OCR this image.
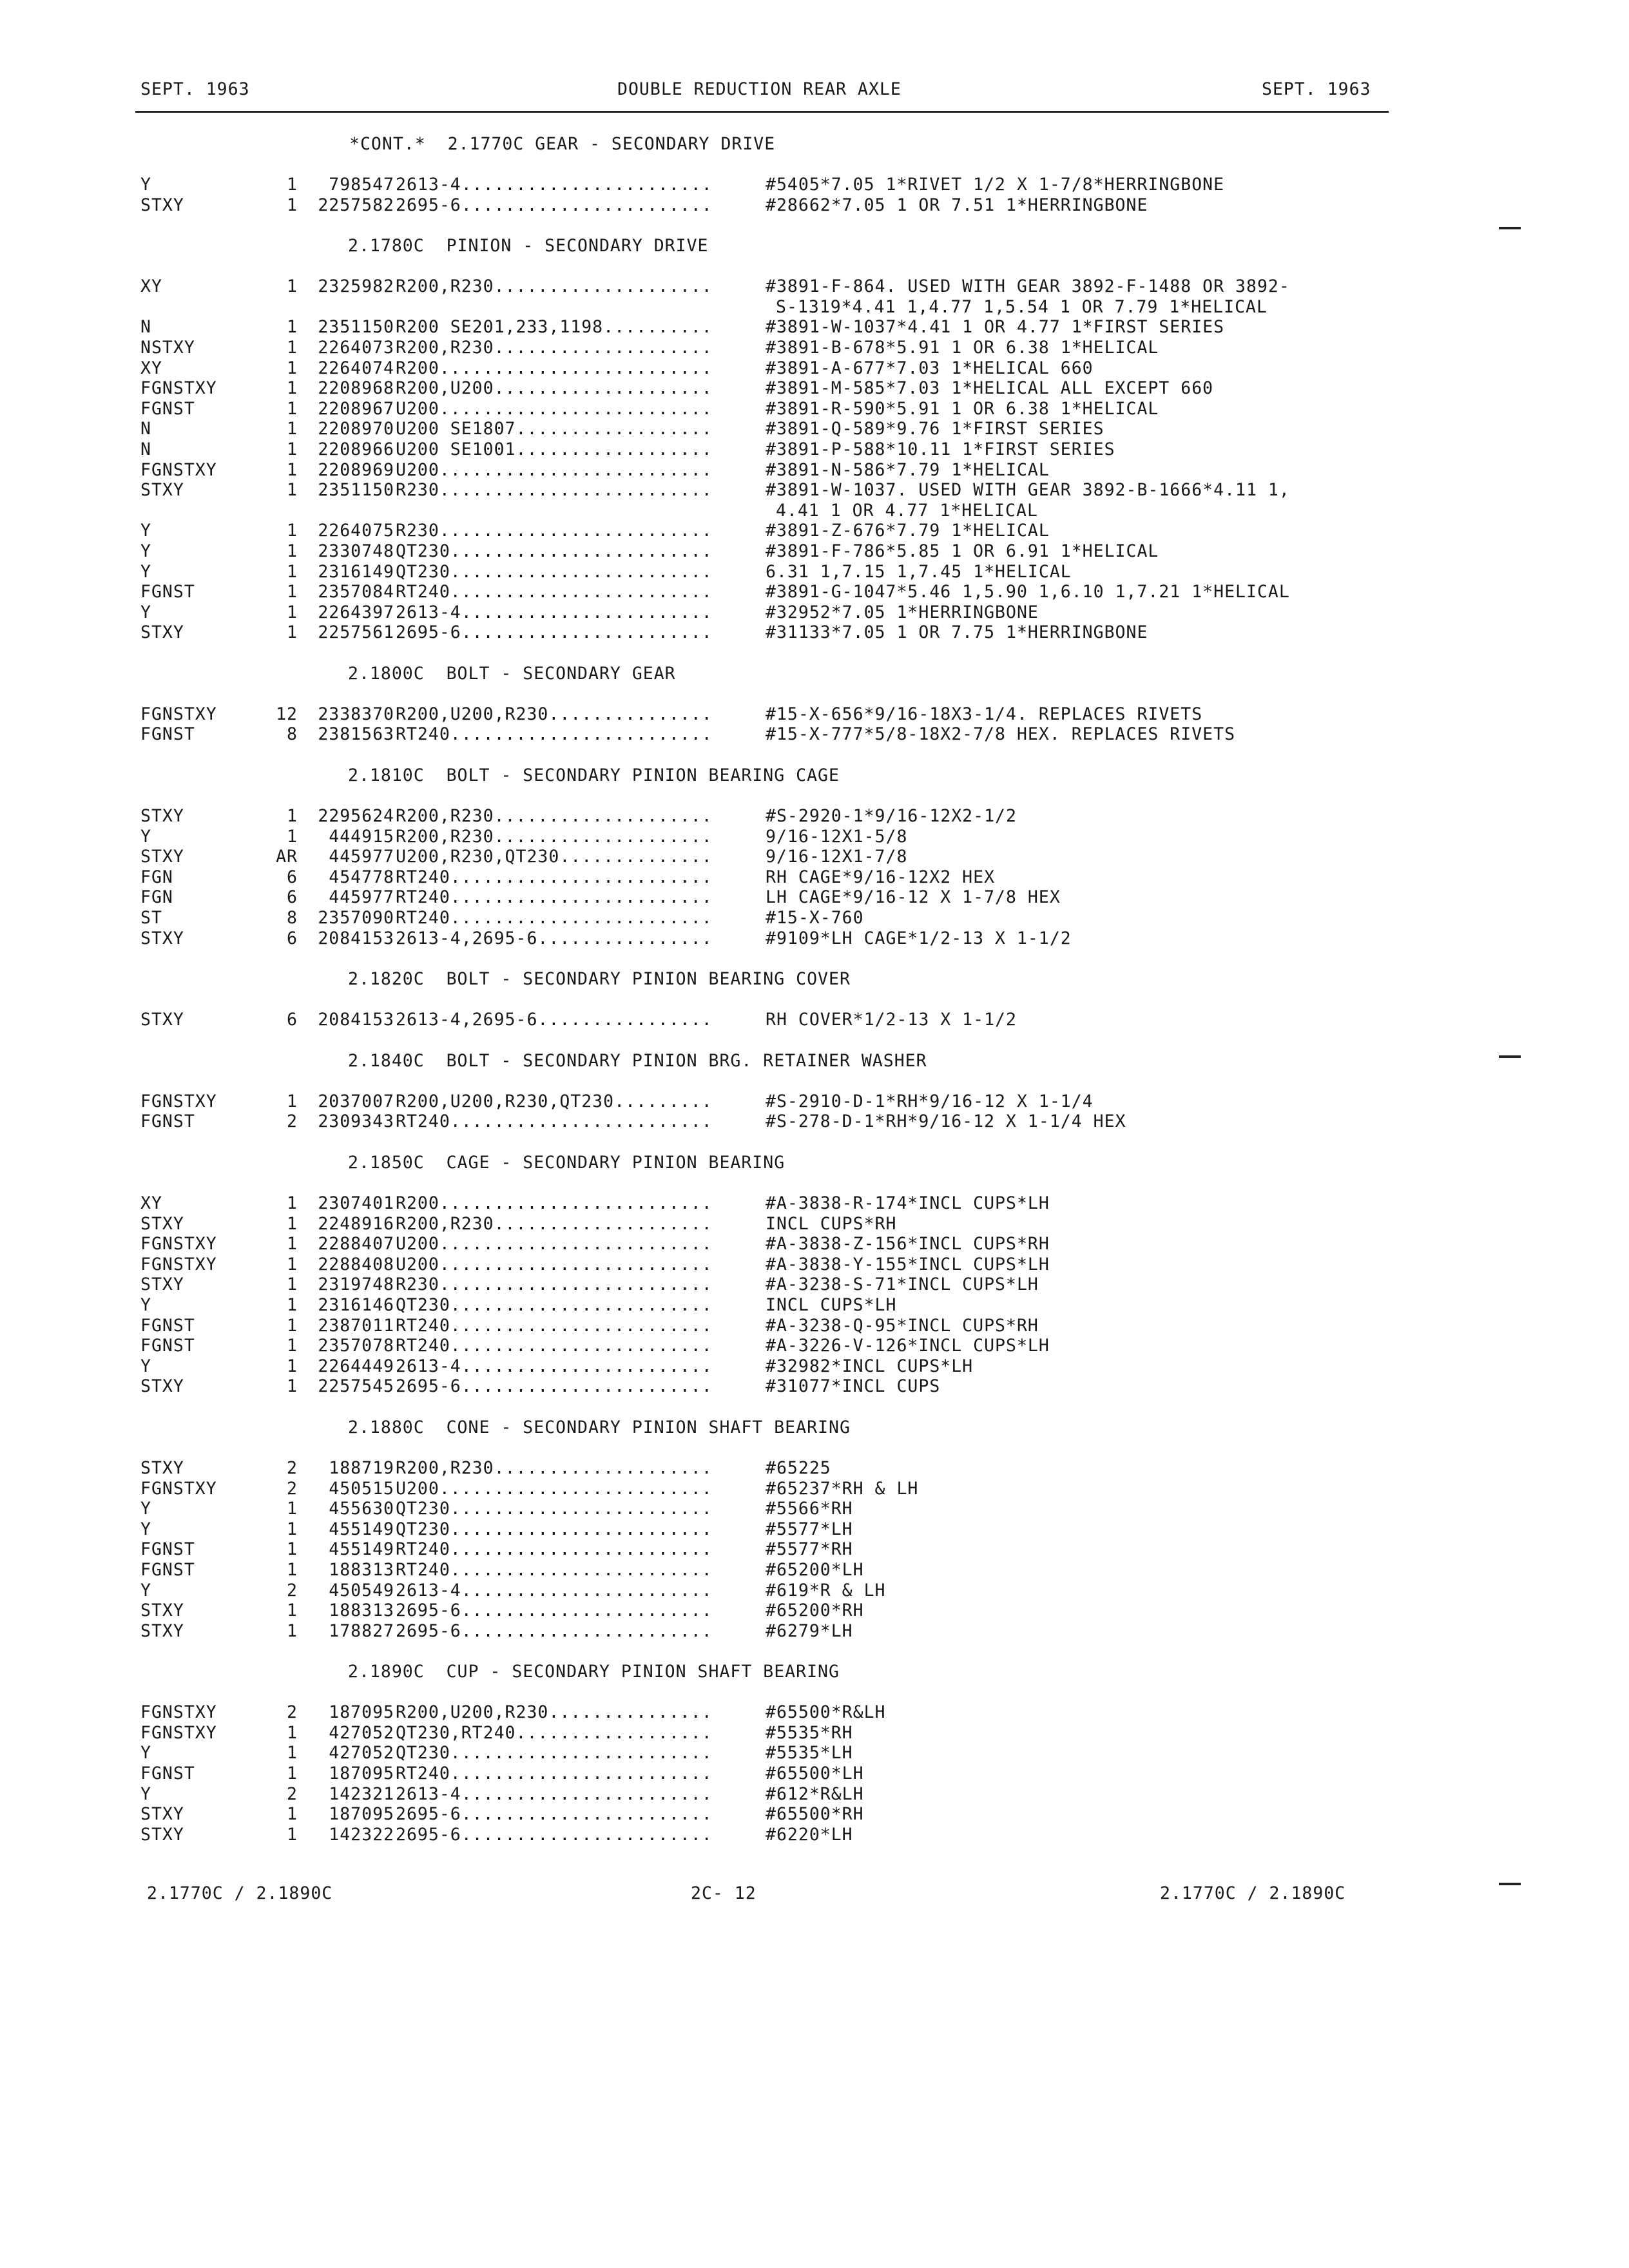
SEPT. 1963	DOUBLE REDUCTION REAR AXLE	SEPT. 1963
*CONT.*  2.1770C GEAR - SECONDARY DRIVE
Y	1	798547 2613-4.......................	#5405*7.05 1*RIVET 1/2 X 1-7/8*HERRINGBONE
STXY	1	2257582 2695-6.......................	#28662*7.05 1 OR 7.51 1*HERRINGBONE
2.1780C  PINION - SECONDARY DRIVE
XY	1	2325982 R200,R230....................	#3891-F-864. USED WITH GEAR 3892-F-1488 OR 3892-
S-1319*4.41 1,4.77 1,5.54 1 OR 7.79 1*HELICAL
N	1	2351150 R200 SE201,233,1198..........	#3891-W-1037*4.41 1 OR 4.77 1*FIRST SERIES
NSTXY	1	2264073 R200,R230....................	#3891-B-678*5.91 1 OR 6.38 1*HELICAL
XY	1	2264074 R200.........................	#3891-A-677*7.03 1*HELICAL 660
FGNSTXY	1	2208968 R200,U200....................	#3891-M-585*7.03 1*HELICAL ALL EXCEPT 660
FGNST	1	2208967 U200.........................	#3891-R-590*5.91 1 OR 6.38 1*HELICAL
N	1	2208970 U200 SE1807..................	#3891-Q-589*9.76 1*FIRST SERIES
N	1	2208966 U200 SE1001..................	#3891-P-588*10.11 1*FIRST SERIES
FGNSTXY	1	2208969 U200.........................	#3891-N-586*7.79 1*HELICAL
STXY	1	2351150 R230.........................	#3891-W-1037. USED WITH GEAR 3892-B-1666*4.11 1,
4.41 1 OR 4.77 1*HELICAL
Y	1	2264075 R230.........................	#3891-Z-676*7.79 1*HELICAL
Y	1	2330748 QT230........................	#3891-F-786*5.85 1 OR 6.91 1*HELICAL
Y	1	2316149 QT230........................	6.31 1,7.15 1,7.45 1*HELICAL
FGNST	1	2357084 RT240........................	#3891-G-1047*5.46 1,5.90 1,6.10 1,7.21 1*HELICAL
Y	1	2264397 2613-4.......................	#32952*7.05 1*HERRINGBONE
STXY	1	2257561 2695-6.......................	#31133*7.05 1 OR 7.75 1*HERRINGBONE
2.1800C  BOLT - SECONDARY GEAR
FGNSTXY	12	2338370 R200,U200,R230...............	#15-X-656*9/16-18X3-1/4. REPLACES RIVETS
FGNST	8	2381563 RT240........................	#15-X-777*5/8-18X2-7/8 HEX. REPLACES RIVETS
2.1810C  BOLT - SECONDARY PINION BEARING CAGE
STXY	1	2295624 R200,R230....................	#S-2920-1*9/16-12X2-1/2
Y	1	444915 R200,R230....................	9/16-12X1-5/8
STXY	AR	445977 U200,R230,QT230..............	9/16-12X1-7/8
FGN	6	454778 RT240........................	RH CAGE*9/16-12X2 HEX
FGN	6	445977 RT240........................	LH CAGE*9/16-12 X 1-7/8 HEX
ST	8	2357090 RT240........................	#15-X-760
STXY	6	2084153 2613-4,2695-6................	#9109*LH CAGE*1/2-13 X 1-1/2
2.1820C  BOLT - SECONDARY PINION BEARING COVER
STXY	6	2084153 2613-4,2695-6................	RH COVER*1/2-13 X 1-1/2
2.1840C  BOLT - SECONDARY PINION BRG. RETAINER WASHER
FGNSTXY	1	2037007 R200,U200,R230,QT230.........	#S-2910-D-1*RH*9/16-12 X 1-1/4
FGNST	2	2309343 RT240........................	#S-278-D-1*RH*9/16-12 X 1-1/4 HEX
2.1850C  CAGE - SECONDARY PINION BEARING
XY	1	2307401 R200.........................	#A-3838-R-174*INCL CUPS*LH
STXY	1	2248916 R200,R230....................	INCL CUPS*RH
FGNSTXY	1	2288407 U200.........................	#A-3838-Z-156*INCL CUPS*RH
FGNSTXY	1	2288408 U200.........................	#A-3838-Y-155*INCL CUPS*LH
STXY	1	2319748 R230.........................	#A-3238-S-71*INCL CUPS*LH
Y	1	2316146 QT230........................	INCL CUPS*LH
FGNST	1	2387011 RT240........................	#A-3238-Q-95*INCL CUPS*RH
FGNST	1	2357078 RT240........................	#A-3226-V-126*INCL CUPS*LH
Y	1	2264449 2613-4.......................	#32982*INCL CUPS*LH
STXY	1	2257545 2695-6.......................	#31077*INCL CUPS
2.1880C  CONE - SECONDARY PINION SHAFT BEARING
STXY	2	188719 R200,R230....................	#65225
FGNSTXY	2	450515 U200.........................	#65237*RH & LH
Y	1	455630 QT230........................	#5566*RH
Y	1	455149 QT230........................	#5577*LH
FGNST	1	455149 RT240........................	#5577*RH
FGNST	1	188313 RT240........................	#65200*LH
Y	2	450549 2613-4.......................	#619*R & LH
STXY	1	188313 2695-6.......................	#65200*RH
STXY	1	178827 2695-6.......................	#6279*LH
2.1890C  CUP - SECONDARY PINION SHAFT BEARING
FGNSTXY	2	187095 R200,U200,R230...............	#65500*R&LH
FGNSTXY	1	427052 QT230,RT240..................	#5535*RH
Y	1	427052 QT230........................	#5535*LH
FGNST	1	187095 RT240........................	#65500*LH
Y	2	142321 2613-4.......................	#612*R&LH
STXY	1	187095 2695-6.......................	#65500*RH
STXY	1	142322 2695-6.......................	#6220*LH
2.1770C / 2.1890C	2C- 12	2.1770C / 2.1890C
